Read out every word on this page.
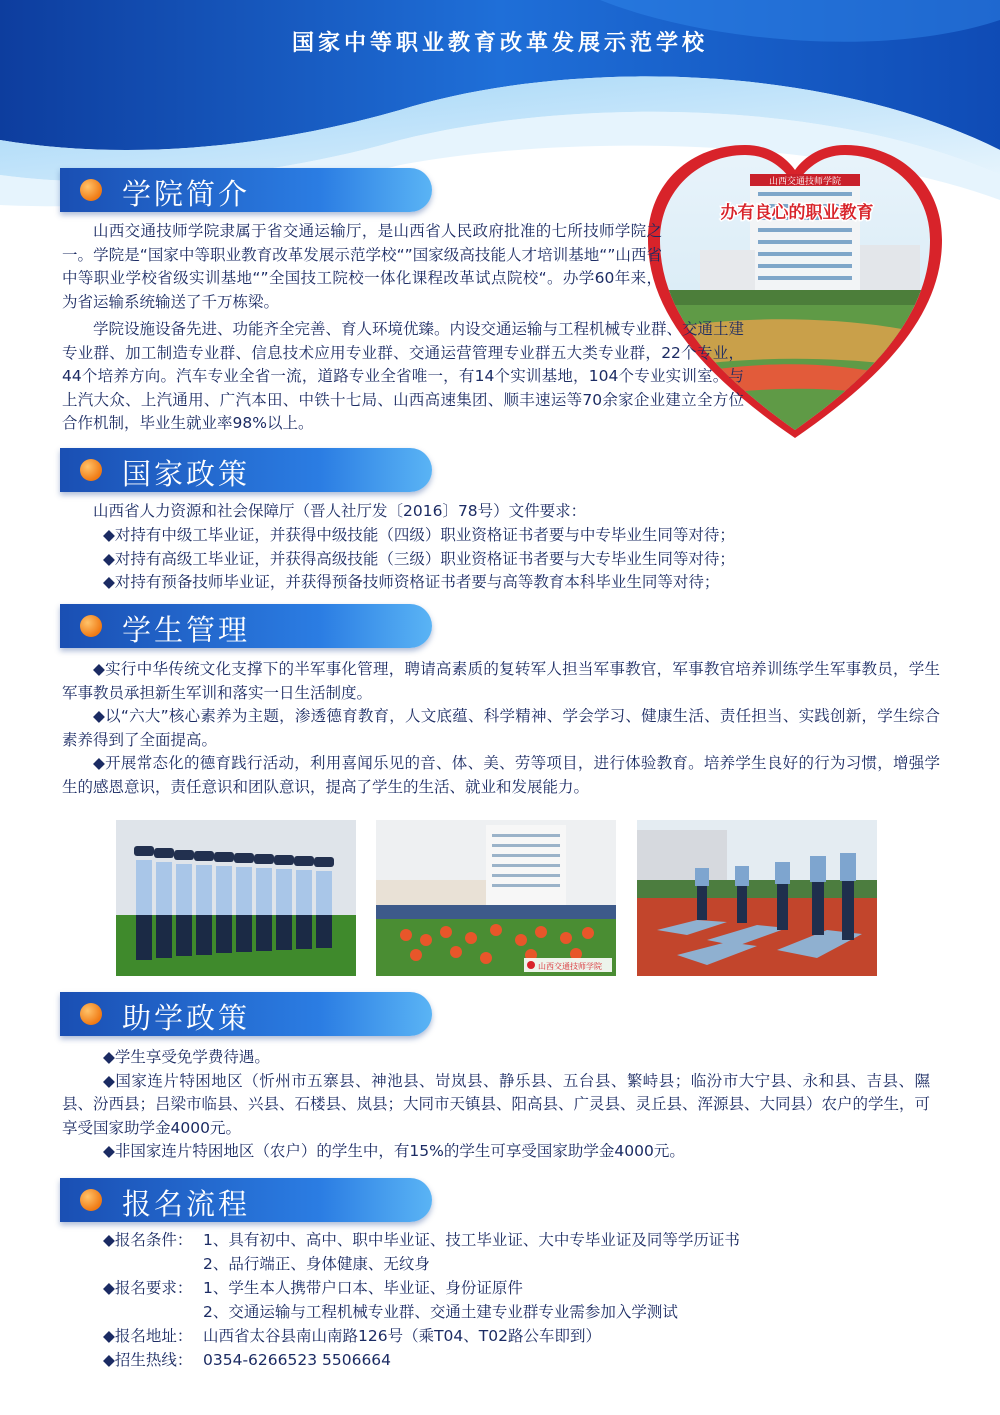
国家中等职业教育改革发展示范学校
山西交通技师学院
办有良心的职业教育
学院简介

山西交通技师学院隶属于省交通运输厅，是山西省人民政府批准的七所技师学院之一。学院是“国家中等职业教育改革发展示范学校“”国家级高技能人才培训基地“”山西省中等职业学校省级实训基地“”全国技工院校一体化课程改革试点院校“。办学60年来，为省运输系统输送了千万栋梁。

学院设施设备先进、功能齐全完善、育人环境优臻。内设交通运输与工程机械专业群、交通土建专业群、加工制造专业群、信息技术应用专业群、交通运营管理专业群五大类专业群，22个专业，44个培养方向。汽车专业全省一流，道路专业全省唯一，有14个实训基地，104个专业实训室。与上汽大众、上汽通用、广汽本田、中铁十七局、山西高速集团、顺丰速运等70余家企业建立全方位合作机制，毕业生就业率98%以上。

国家政策

山西省人力资源和社会保障厅（晋人社厅发〔2016〕78号）文件要求：

◆对持有中级工毕业证，并获得中级技能（四级）职业资格证书者要与中专毕业生同等对待；
◆对持有高级工毕业证，并获得高级技能（三级）职业资格证书者要与大专毕业生同等对待；
◆对持有预备技师毕业证，并获得预备技师资格证书者要与高等教育本科毕业生同等对待；
学生管理

◆实行中华传统文化支撑下的半军事化管理，聘请高素质的复转军人担当军事教官，军事教官培养训练学生军事教员，学生军事教员承担新生军训和落实一日生活制度。

◆以“六大”核心素养为主题，渗透德育教育，人文底蕴、科学精神、学会学习、健康生活、责任担当、实践创新，学生综合素养得到了全面提高。

◆开展常态化的德育践行活动，利用喜闻乐见的音、体、美、劳等项目，进行体验教育。培养学生良好的行为习惯，增强学生的感恩意识，责任意识和团队意识，提高了学生的生活、就业和发展能力。

山西交通技师学院
助学政策

◆学生享受免学费待遇。

◆国家连片特困地区（忻州市五寨县、神池县、岢岚县、静乐县、五台县、繁峙县；临汾市大宁县、永和县、吉县、隰县、汾西县；吕梁市临县、兴县、石楼县、岚县；大同市天镇县、阳高县、广灵县、灵丘县、浑源县、大同县）农户的学生，可享受国家助学金4000元。

◆非国家连片特困地区（农户）的学生中，有15%的学生可享受国家助学金4000元。

报名流程
◆报名条件： 1、具有初中、高中、职中毕业证、技工毕业证、大中专毕业证及同等学历证书
2、品行端正、身体健康、无纹身
◆报名要求： 1、学生本人携带户口本、毕业证、身份证原件
2、交通运输与工程机械专业群、交通土建专业群专业需参加入学测试
◆报名地址： 山西省太谷县南山南路126号（乘T04、T02路公车即到）
◆招生热线： 0354-6266523 5506664
